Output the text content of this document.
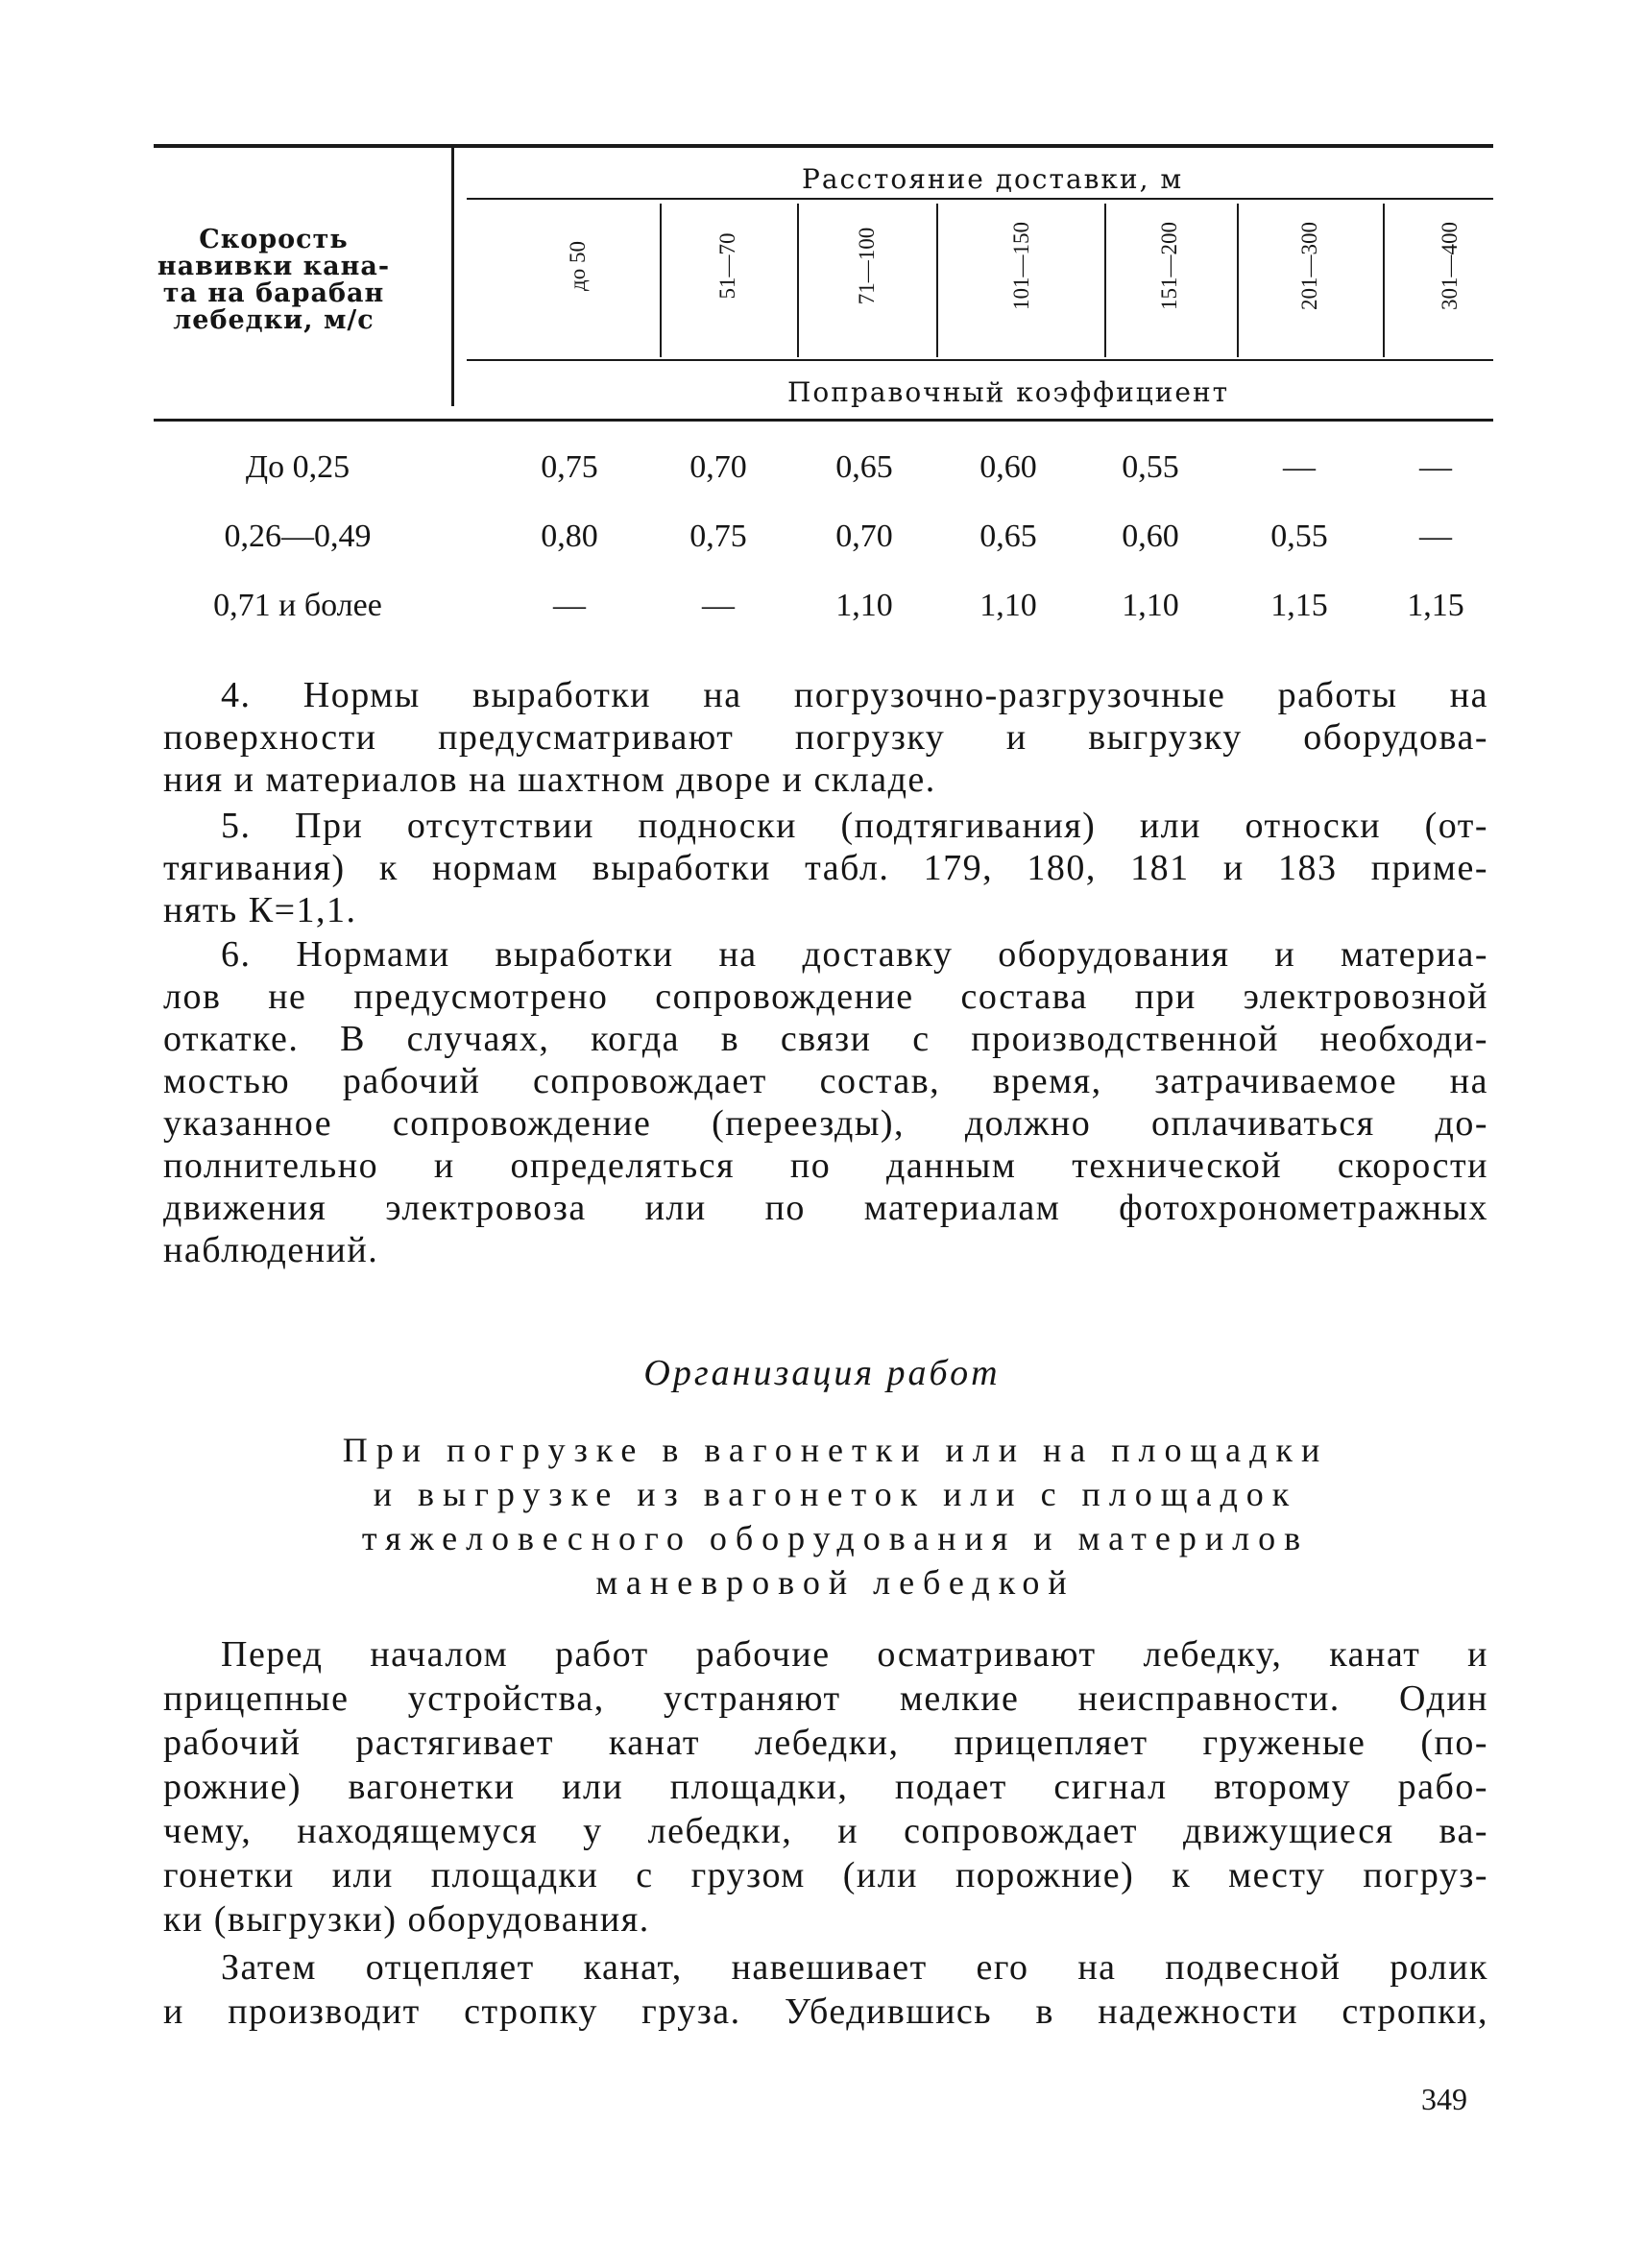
Скорость
навивки кана-
та на барабан
лебедки, м/с
Расстояние доставки, м
до 50	51—70	71—100	101—150	151—200	201—300	301—400
Поправочный коэффициент
До 0,25	0,75	0,70	0,65	0,60	0,55	—	—
0,26—0,49	0,80	0,75	0,70	0,65	0,60	0,55	—
0,71 и более	—	—	1,10	1,10	1,10	1,15	1,15
4. Нормы выработки на погрузочно-разгрузочные работы на
поверхности предусматривают погрузку и выгрузку оборудова-
ния и материалов на шахтном дворе и складе.
5. При отсутствии подноски (подтягивания) или относки (от-
тягивания) к нормам выработки табл. 179, 180, 181 и 183 приме-
нять К=1,1.
6. Нормами выработки на доставку оборудования и материа-
лов не предусмотрено сопровождение состава при электровозной
откатке. В случаях, когда в связи с производственной необходи-
мостью рабочий сопровождает состав, время, затрачиваемое на
указанное сопровождение (переезды), должно оплачиваться до-
полнительно и определяться по данным технической скорости
движения электровоза или по материалам фотохронометражных
наблюдений.
Организация работ
При погрузке в вагонетки или на площадки
и выгрузке из вагонеток или с площадок
тяжеловесного оборудования и материлов
маневровой лебедкой
Перед началом работ рабочие осматривают лебедку, канат и
прицепные устройства, устраняют мелкие неисправности. Один
рабочий растягивает канат лебедки, прицепляет груженые (по-
рожние) вагонетки или площадки, подает сигнал второму рабо-
чему, находящемуся у лебедки, и сопровождает движущиеся ва-
гонетки или площадки с грузом (или порожние) к месту погруз-
ки (выгрузки) оборудования.
Затем отцепляет канат, навешивает его на подвесной ролик
и производит стропку груза. Убедившись в надежности стропки,
349
